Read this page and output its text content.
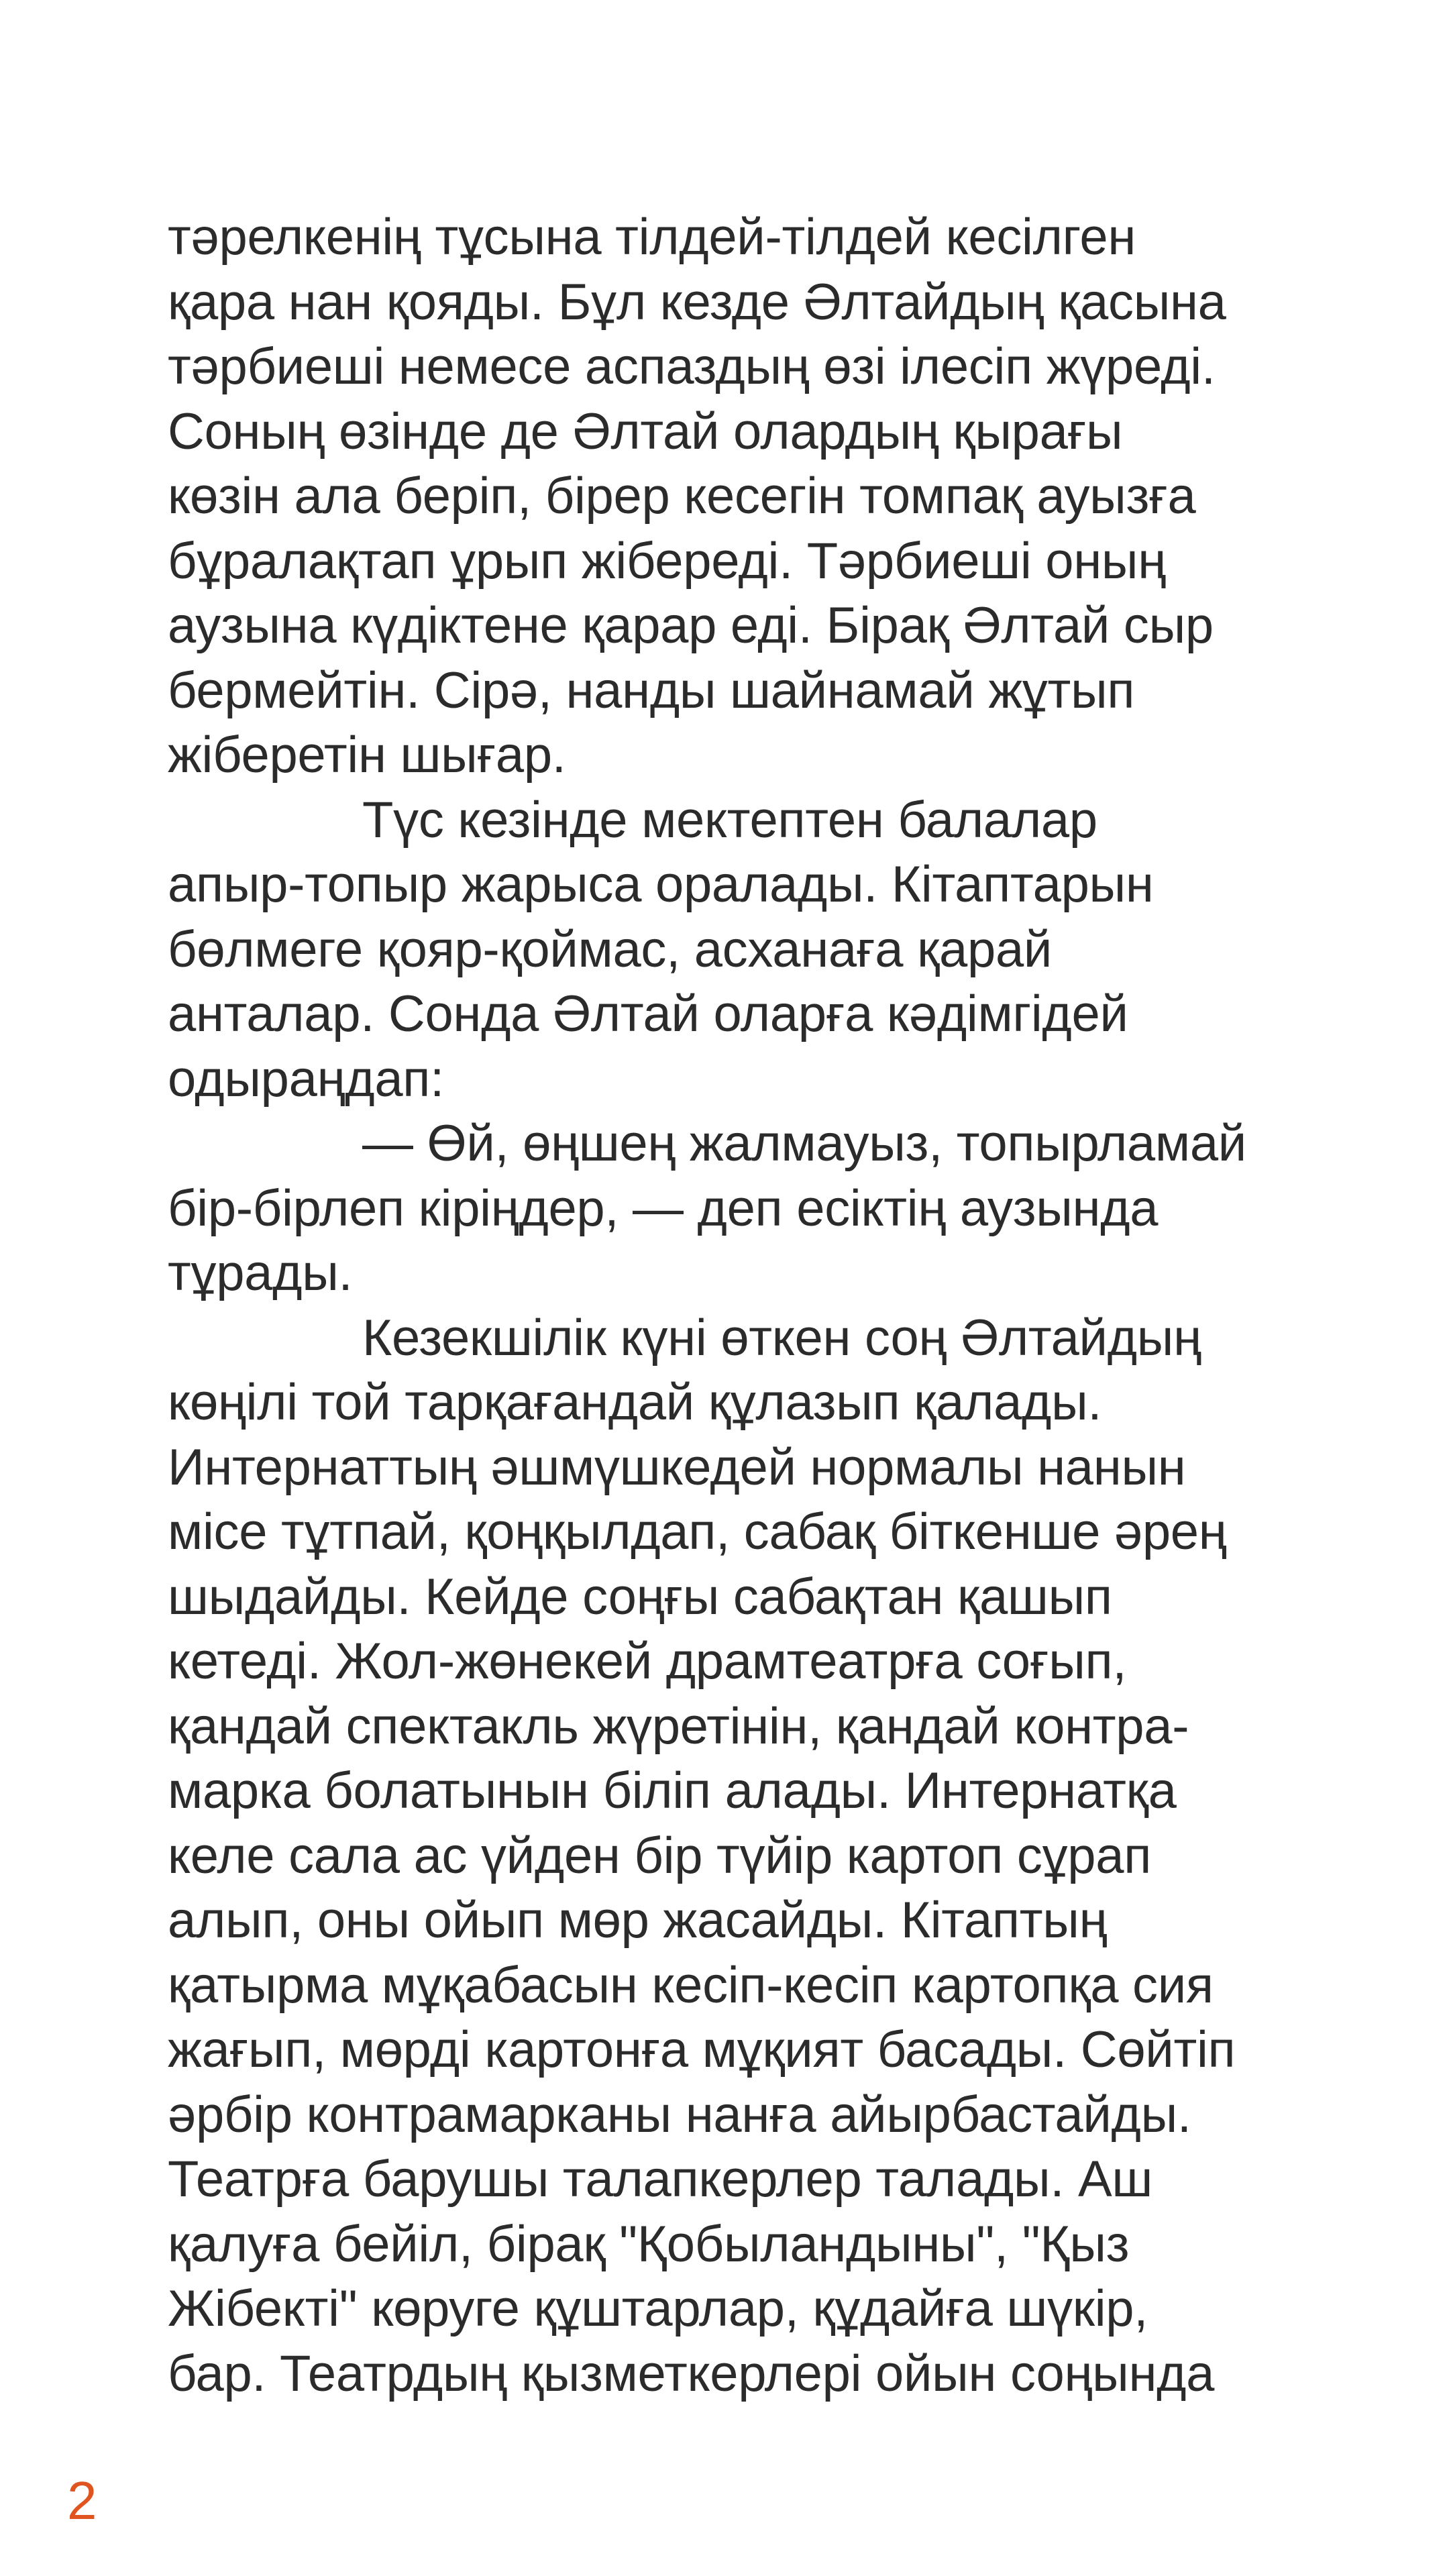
тәрелкенің тұсына тілдей-тілдей кесілген
қара нан қояды. Бұл кезде Әлтайдың қасына
тәрбиеші немесе аспаздың өзі ілесіп жүреді.
Соның өзінде де Әлтай олардың қырағы
көзін ала беріп, бірер кесегін томпақ ауызға
бұралақтап ұрып жібереді. Тәрбиеші оның
аузына күдіктене қарар еді. Бірақ Әлтай сыр
бермейтін. Сірә, нанды шайнамай жұтып
жіберетін шығар.
Түс кезінде мектептен балалар
апыр-топыр жарыса оралады. Кітаптарын
бөлмеге қояр-қоймас, асханаға қарай
анталар. Сонда Әлтай оларға кәдімгідей
одыраңдап:
— Өй, өңшең жалмауыз, топырламай
бір-бірлеп кіріңдер, — деп есіктің аузында
тұрады.
Кезекшілік күні өткен соң Әлтайдың
көңілі той тарқағандай құлазып қалады.
Интернаттың әшмүшкедей нормалы нанын
місе тұтпай, қоңқылдап, сабақ біткенше әрең
шыдайды. Кейде соңғы сабақтан қашып
кетеді. Жол-жөнекей драмтеатрға соғып,
қандай спектакль жүретінін, қандай контра-
марка болатынын біліп алады. Интернатқа
келе сала ас үйден бір түйір картоп сұрап
алып, оны ойып мөр жасайды. Кітаптың
қатырма мұқабасын кесіп-кесіп картопқа сия
жағып, мөрді картонға мұқият басады. Сөйтіп
әрбір контрамарканы нанға айырбастайды.
Театрға барушы талапкерлер талады. Аш
қалуға бейіл, бірақ "Қобыландыны", "Қыз
Жібекті" көруге құштарлар, құдайға шүкір,
бар. Театрдың қызметкерлері ойын соңында
2
